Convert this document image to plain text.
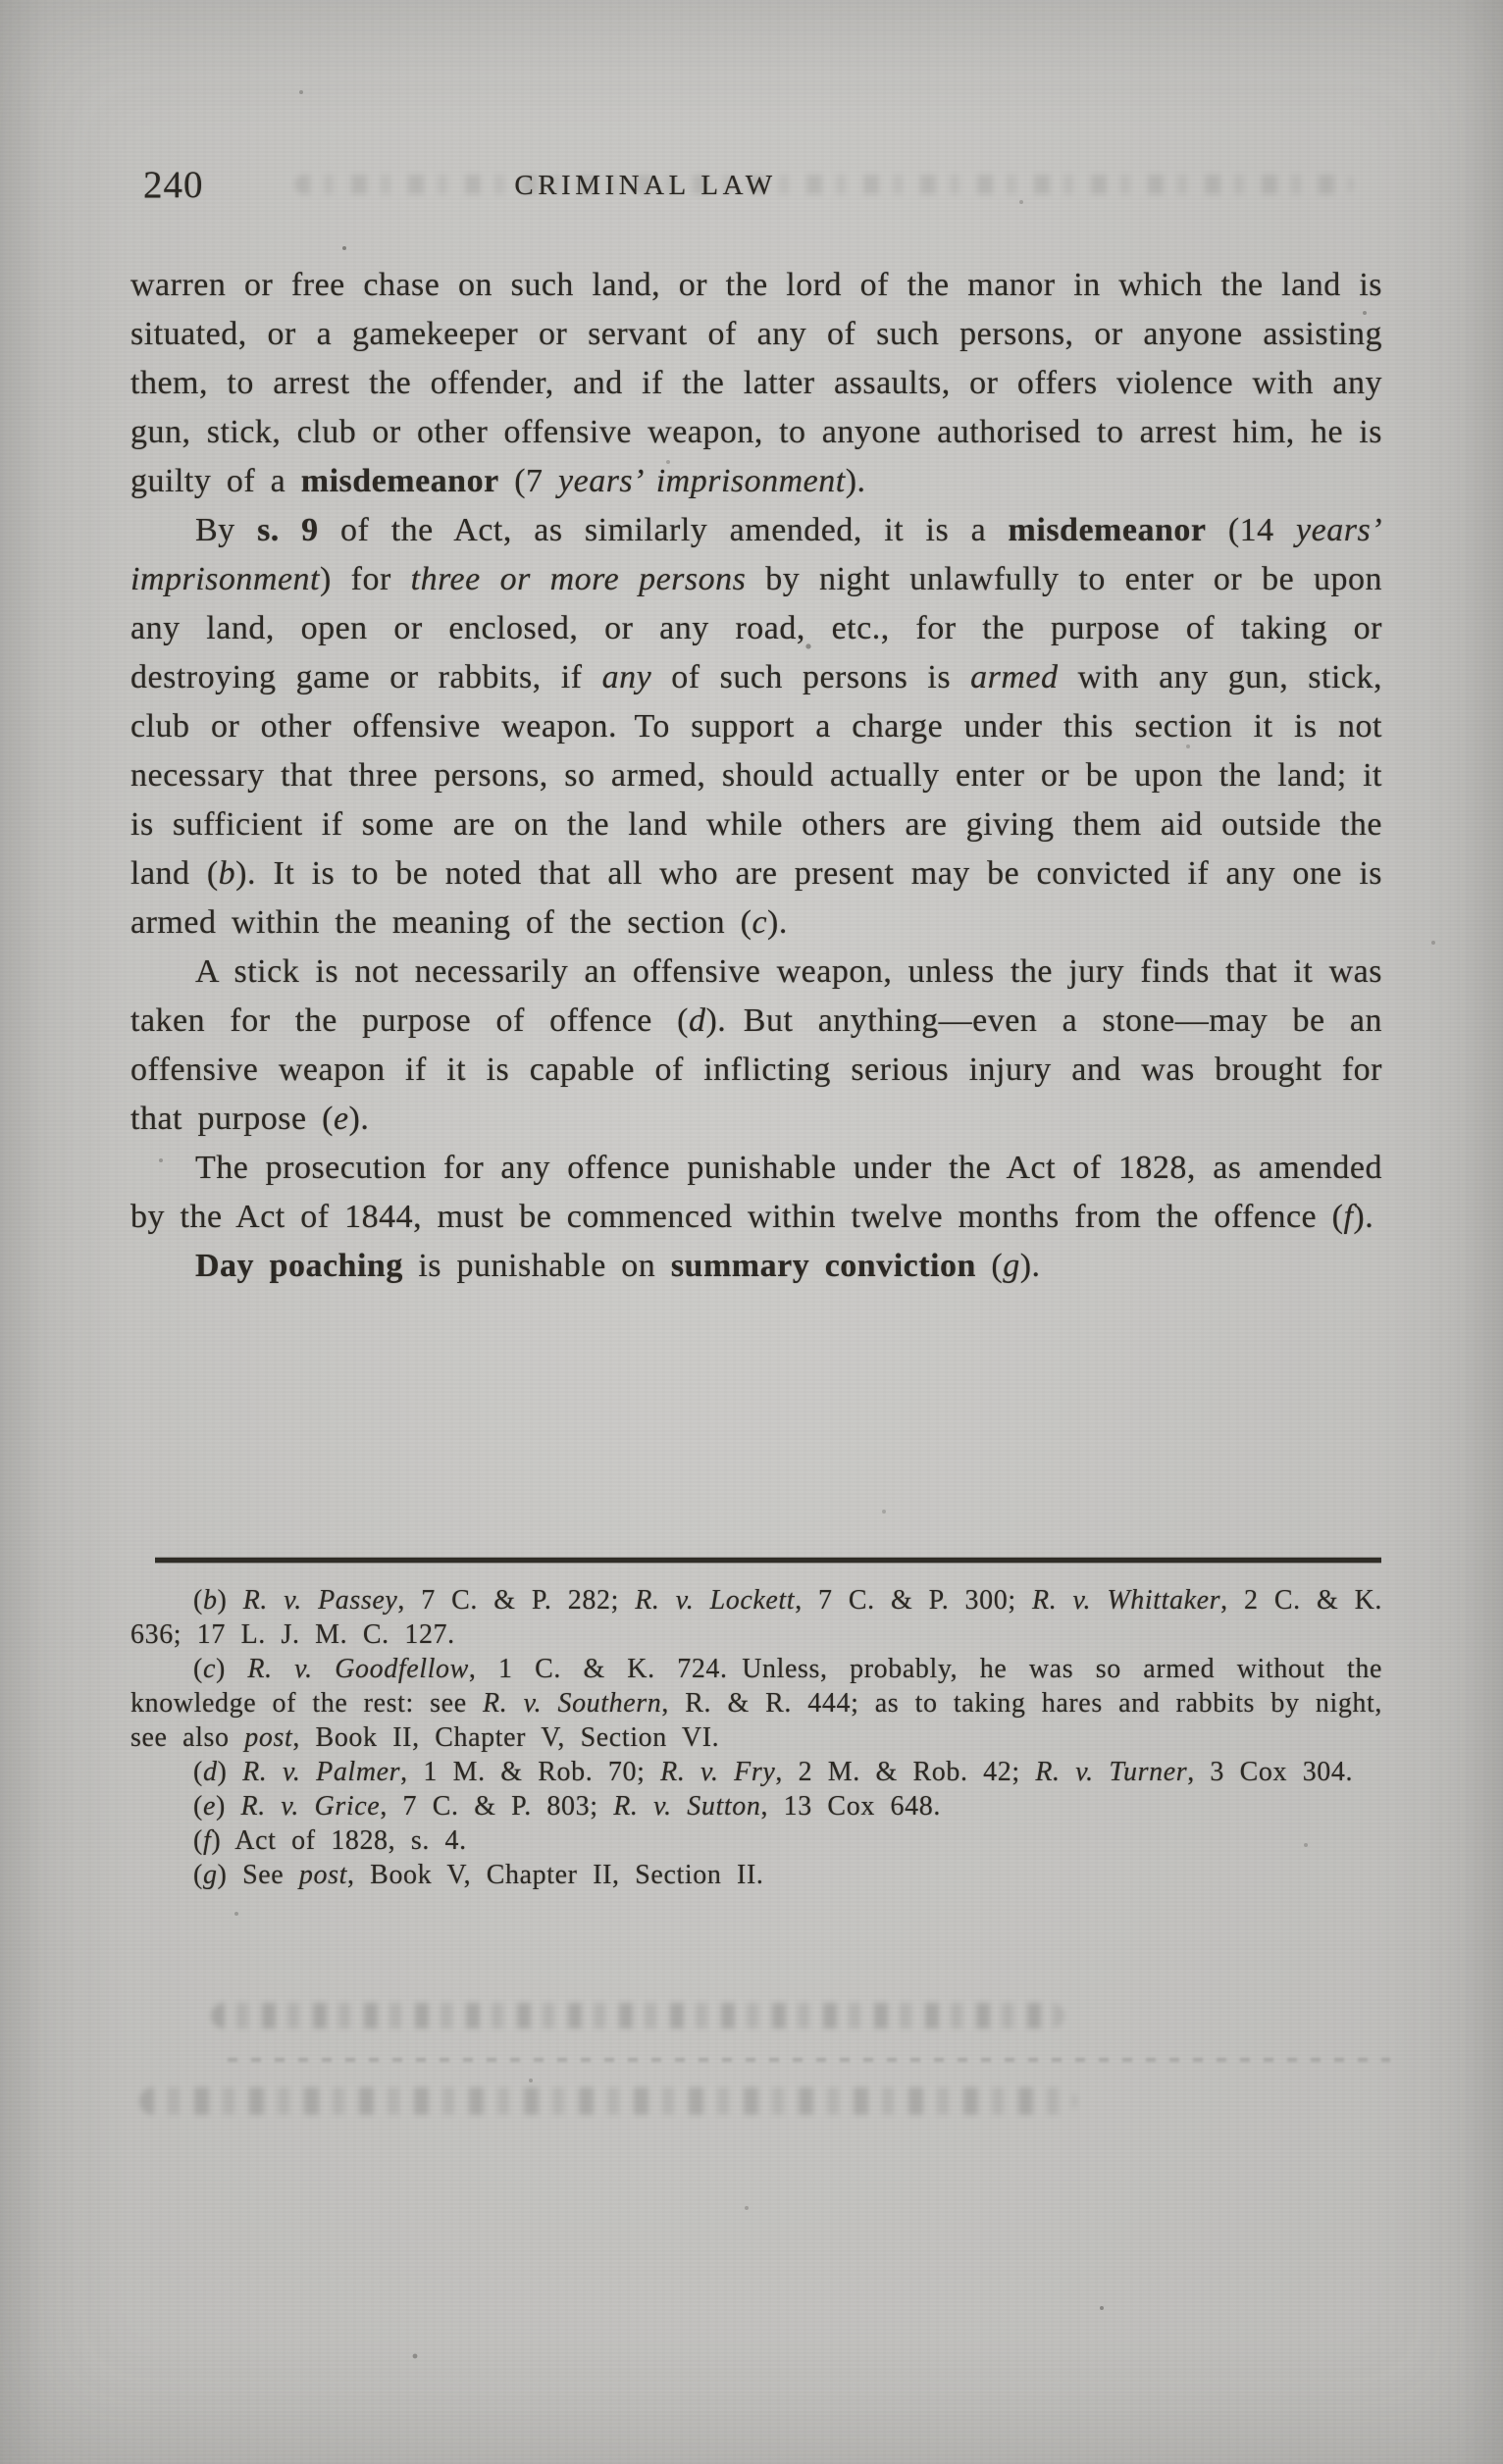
240	CRIMINAL LAW

warren or free chase on such land, or the lord of the manor in which the land is situated, or a gamekeeper or servant of any of such persons, or anyone assisting them, to arrest the offender, and if the latter assaults, or offers violence with any gun, stick, club or other offensive weapon, to anyone authorised to arrest him, he is guilty of a misdemeanor (7 years’ imprisonment).

By s. 9 of the Act, as similarly amended, it is a misdemeanor (14 years’ imprisonment) for three or more persons by night unlawfully to enter or be upon any land, open or enclosed, or any road, etc., for the purpose of taking or destroying game or rabbits, if any of such persons is armed with any gun, stick, club or other offensive weapon. To support a charge under this section it is not necessary that three persons, so armed, should actually enter or be upon the land; it is sufficient if some are on the land while others are giving them aid outside the land (b). It is to be noted that all who are present may be convicted if any one is armed within the meaning of the section (c).

A stick is not necessarily an offensive weapon, unless the jury finds that it was taken for the purpose of offence (d). But anything—even a stone—may be an offensive weapon if it is capable of inflicting serious injury and was brought for that purpose (e).

The prosecution for any offence punishable under the Act of 1828, as amended by the Act of 1844, must be commenced within twelve months from the offence (f).

Day poaching is punishable on summary conviction (g).

(b) R. v. Passey, 7 C. & P. 282; R. v. Lockett, 7 C. & P. 300; R. v. Whittaker, 2 C. & K. 636; 17 L. J. M. C. 127.

(c) R. v. Goodfellow, 1 C. & K. 724. Unless, probably, he was so armed without the knowledge of the rest: see R. v. Southern, R. & R. 444; as to taking hares and rabbits by night, see also post, Book II, Chapter V, Section VI.

(d) R. v. Palmer, 1 M. & Rob. 70; R. v. Fry, 2 M. & Rob. 42; R. v. Turner, 3 Cox 304.

(e) R. v. Grice, 7 C. & P. 803; R. v. Sutton, 13 Cox 648.

(f) Act of 1828, s. 4.

(g) See post, Book V, Chapter II, Section II.
